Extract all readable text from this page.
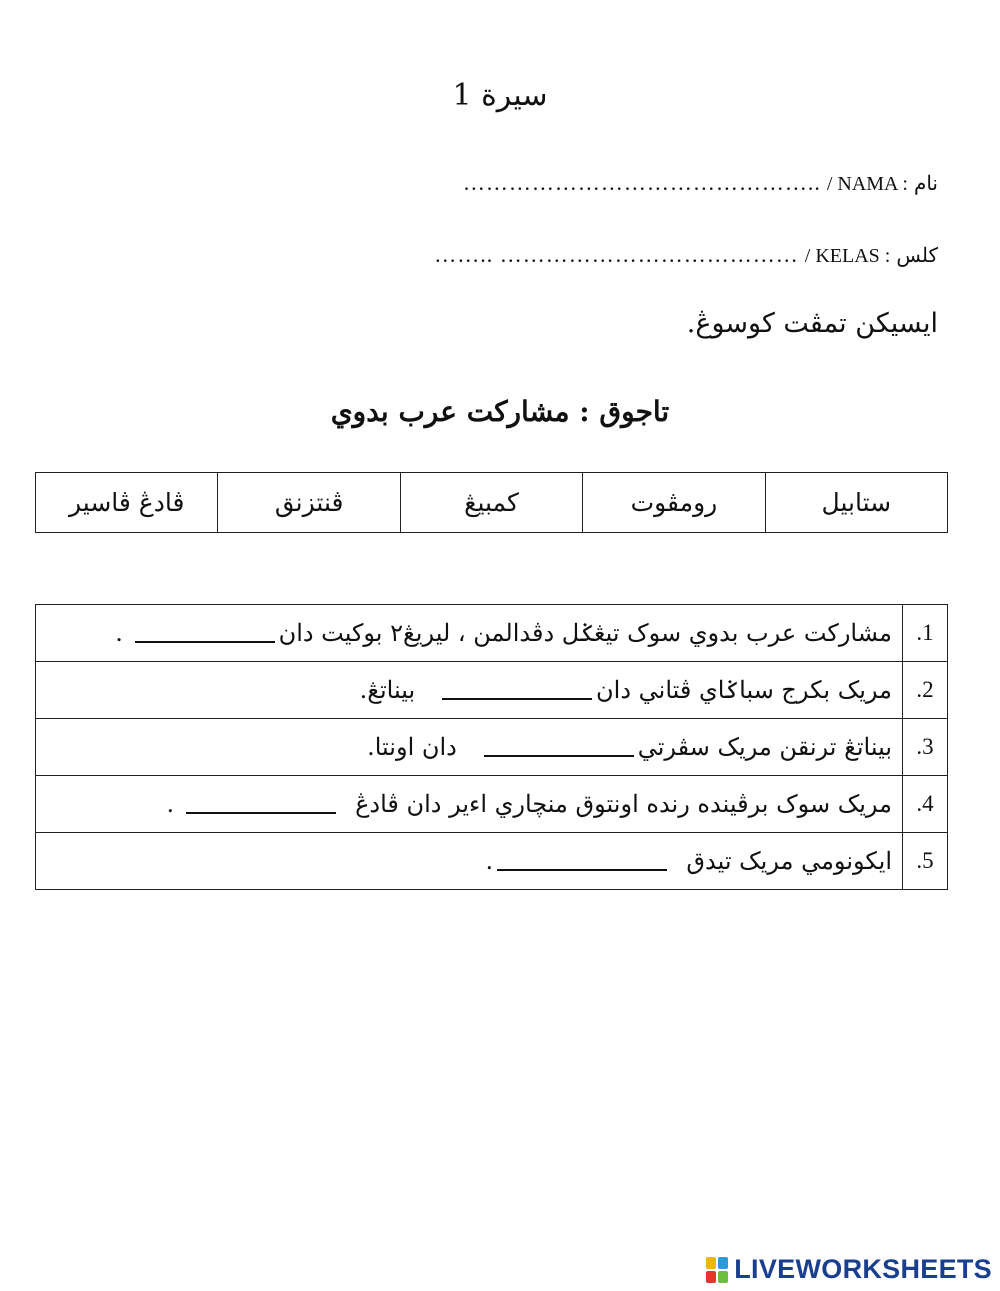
سيرة 1
نام
/ NAMA :
………………………………………..
کلس
/ KELAS :
…….. …………………………………
ايسيکن تمڤت کوسوڠ.
تاجوق : مشارکت عرب بدوي
ستابيل	رومڤوت	کمبيڠ	ڤنتزنق	ڤادڠ ڤاسير
1.	مشارکت عرب بدوي سوک تيڠݢل دڤدالمن ، ليريڠ٢ بوکيت دان .
2.	مريک بکرج سباݢاي ڤتاني دان   بيناتڠ.
3.	بيناتڠ ترنقن مريک سڤرتي   دان اونتا.
4.	مريک سوک برڤينده رنده اونتوق منچاري اءير دان ڤادڠ   .
5.	ايکونومي مريک تيدق  .
LIVEWORKSHEETS
